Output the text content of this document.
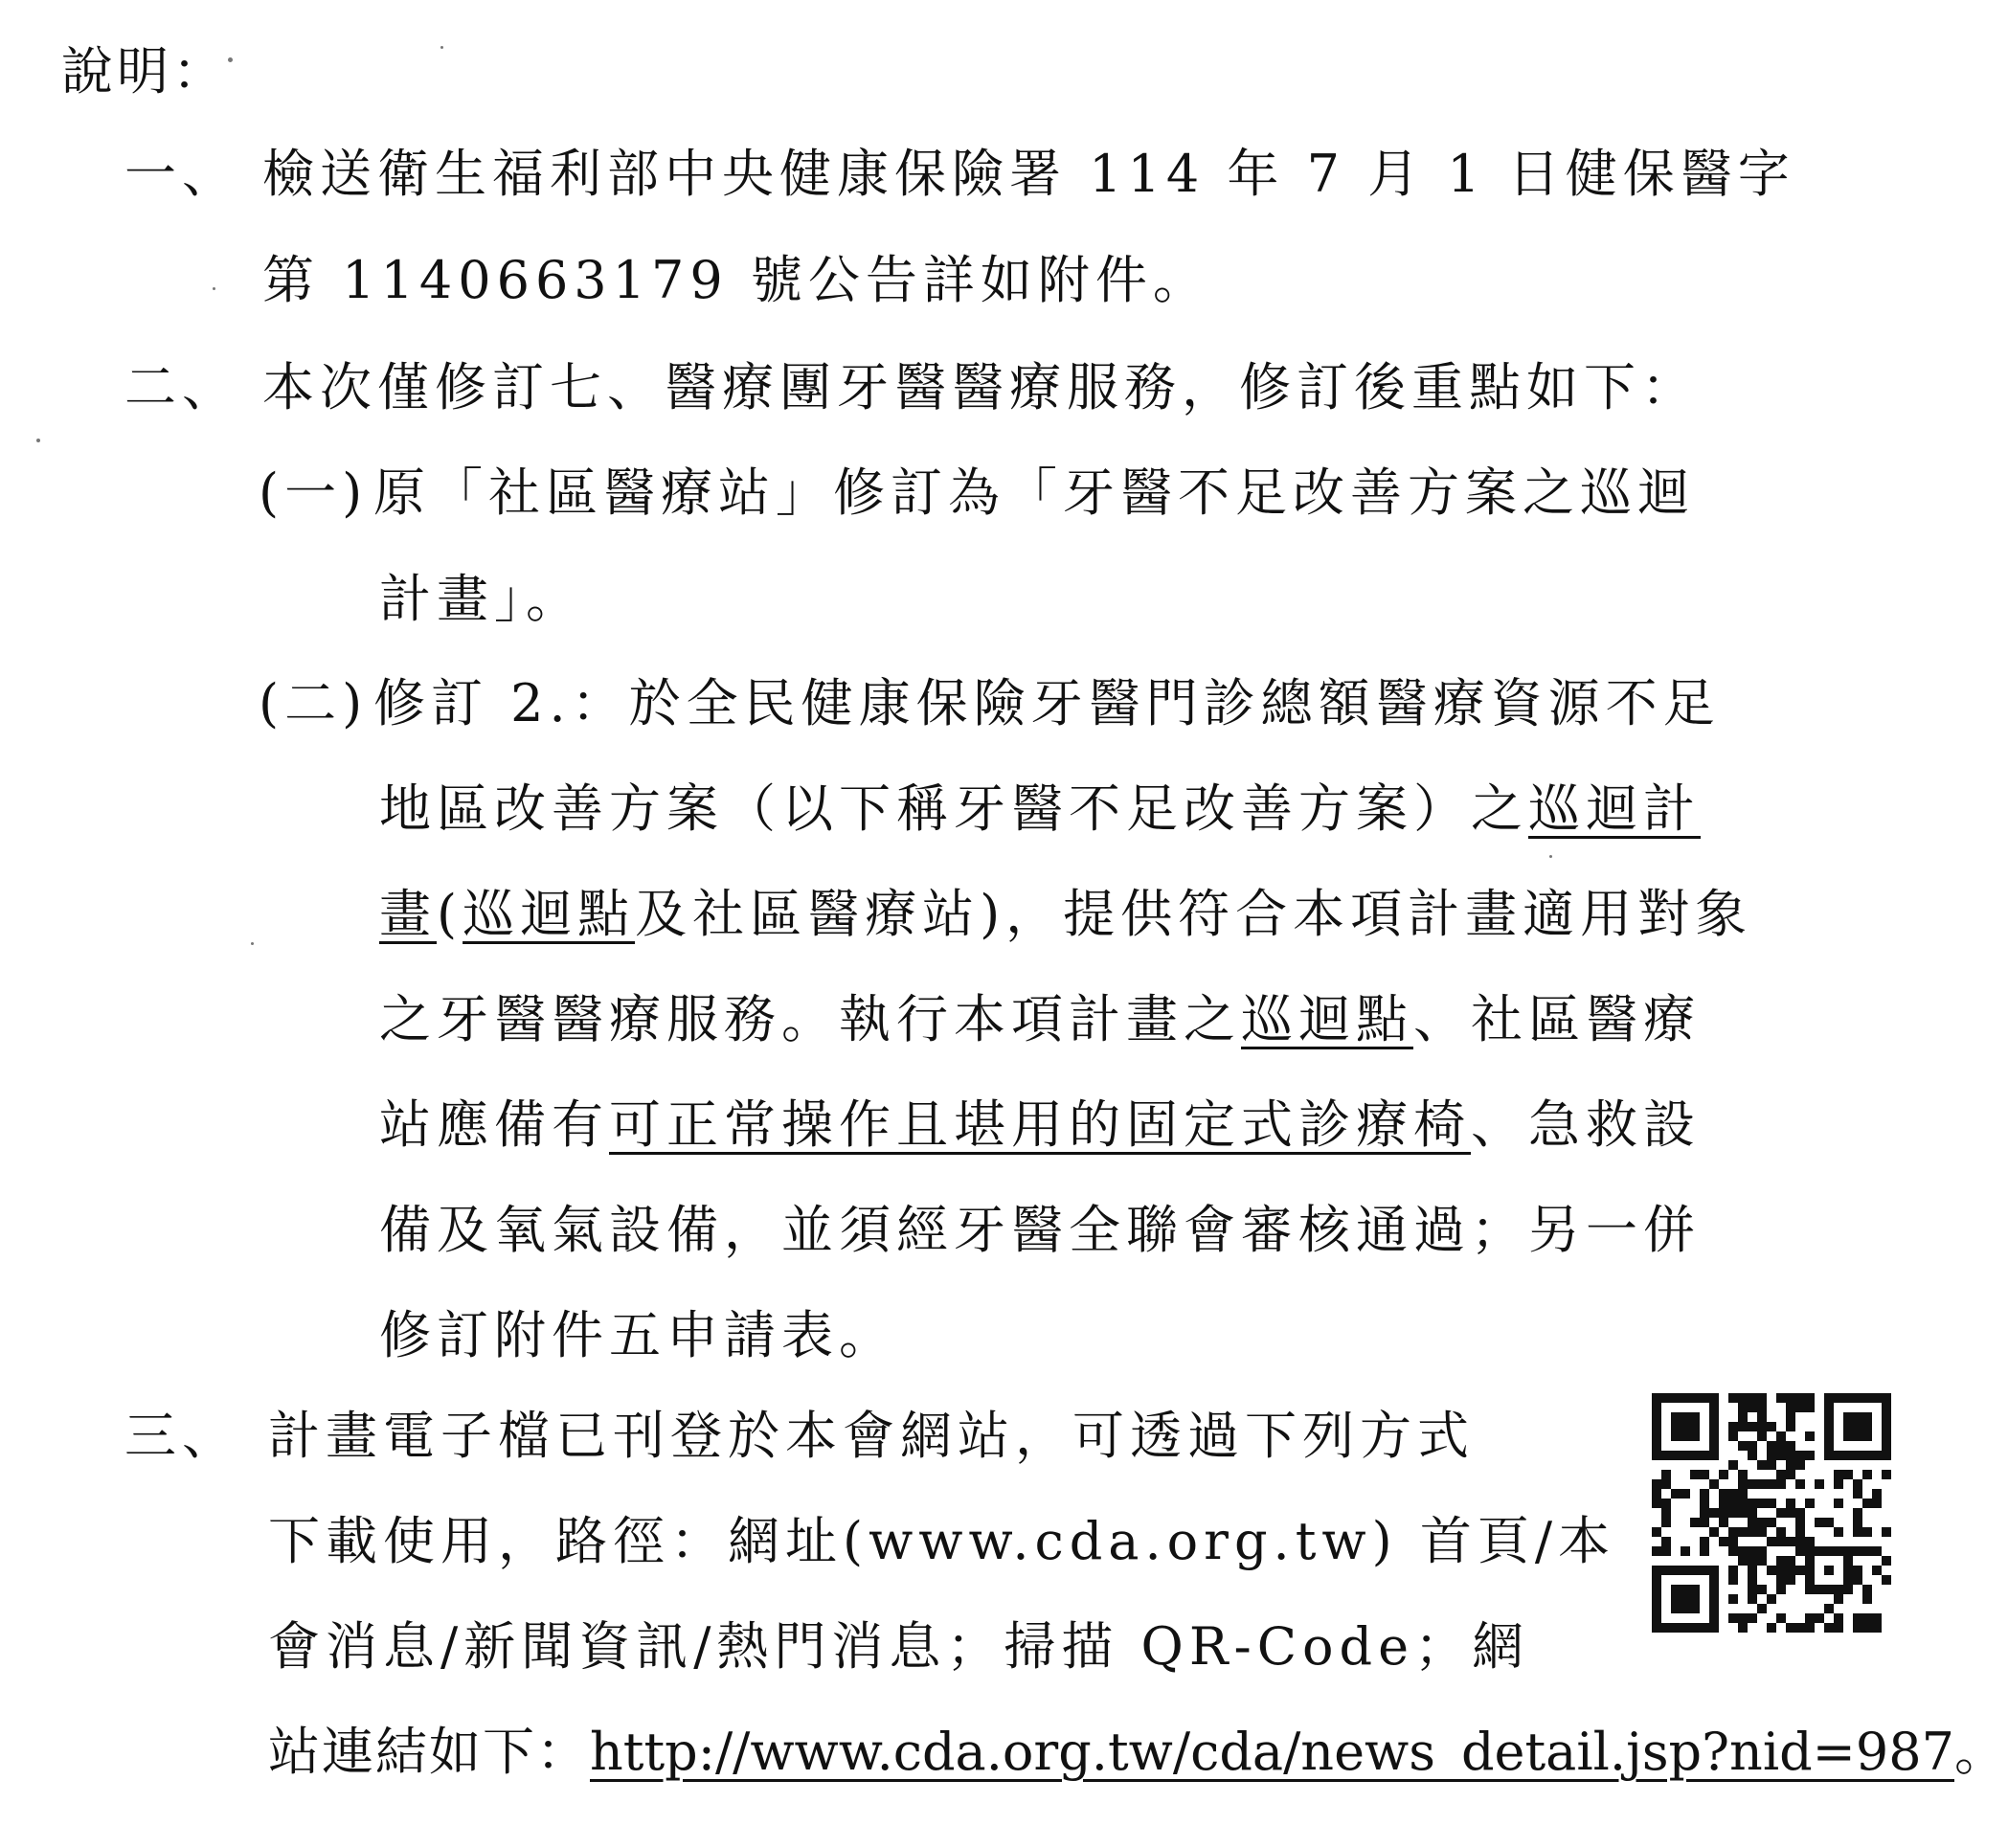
說明：
一、 檢送衛生福利部中央健康保險署 114 年 7 月 1 日健保醫字
第 1140663179 號公告詳如附件。
二、 本次僅修訂七、醫療團牙醫醫療服務，修訂後重點如下：
(一) 原「社區醫療站」修訂為「牙醫不足改善方案之巡迴
計畫」。
(二) 修訂 2.：於全民健康保險牙醫門診總額醫療資源不足
地區改善方案（以下稱牙醫不足改善方案）之巡迴計
畫(巡迴點及社區醫療站)，提供符合本項計畫適用對象
之牙醫醫療服務。執行本項計畫之巡迴點、社區醫療
站應備有可正常操作且堪用的固定式診療椅、急救設
備及氧氣設備，並須經牙醫全聯會審核通過；另一併
修訂附件五申請表。
三、 計畫電子檔已刊登於本會網站，可透過下列方式
下載使用，路徑：網址(www.cda.org.tw) 首頁/本
會消息/新聞資訊/熱門消息；掃描 QR-Code；網
站連結如下：http://www.cda.org.tw/cda/news_detail.jsp?nid=987。
